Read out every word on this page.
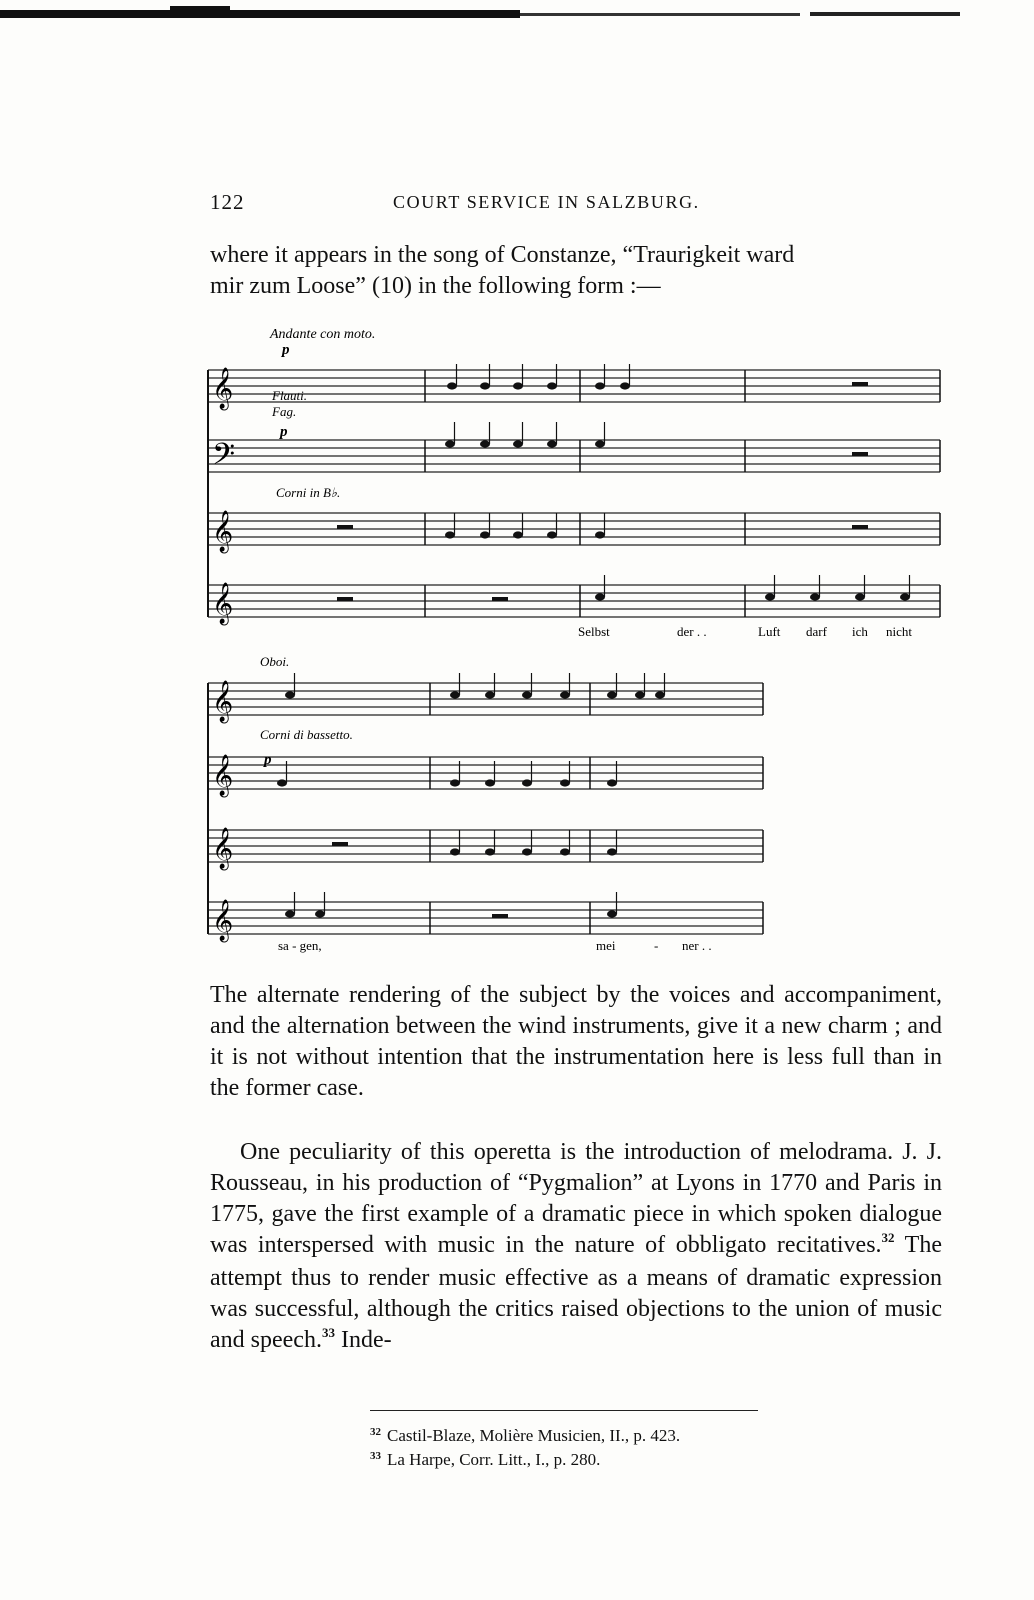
122	COURT SERVICE IN SALZBURG.

where it appears in the song of Constanze, “Traurigkeit ward
mir zum Loose” (10) in the following form :—

𝄞
𝄢
𝄞
𝄞
𝄞
𝄞
𝄞
𝄞
Andante con moto.
p
Flauti.
Fag.
p
Corni in B♭.
Oboi.
Corni di bassetto.
p
Selbst	der . .	Luft darf ich nicht
sa - gen,	mei	- ner . .

The alternate rendering of the subject by the voices and accompaniment, and the alternation between the wind instruments, give it a new charm ; and it is not without intention that the instrumentation here is less full than in the former case.

One peculiarity of this operetta is the introduction of melodrama. J. J. Rousseau, in his production of “Pygmalion” at Lyons in 1770 and Paris in 1775, gave the first example of a dramatic piece in which spoken dialogue was interspersed with music in the nature of obbligato recitatives.$^{32}$ The attempt thus to render music effective as a means of dramatic expression was successful, although the critics raised objections to the union of music and speech.$^{33}$ Inde-

$^{32}$ Castil-Blaze, Molière Musicien, II., p. 423.
$^{33}$ La Harpe, Corr. Litt., I., p. 280.
